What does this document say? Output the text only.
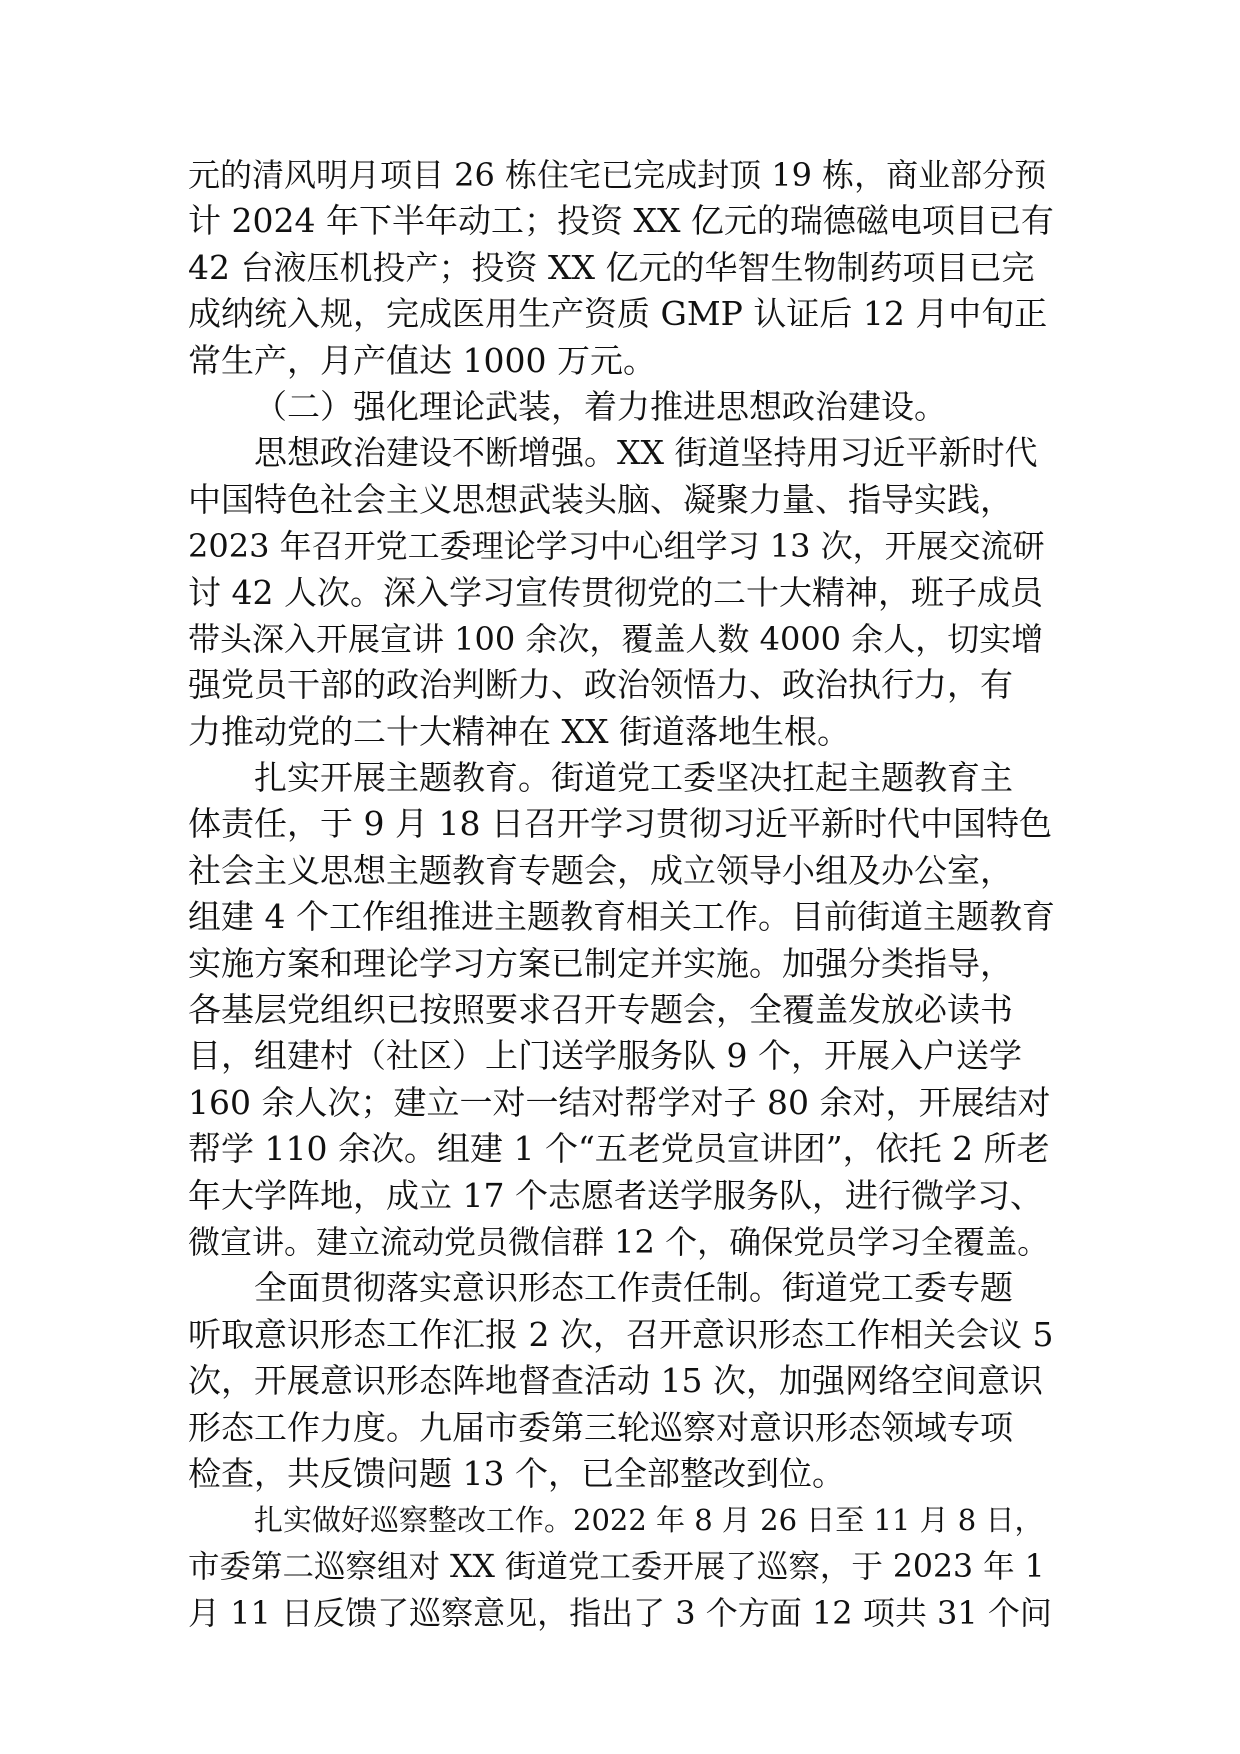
元的清风明月项目 26 栋住宅已完成封顶 19 栋，商业部分预
计 2024 年下半年动工；投资 XX 亿元的瑞德磁电项目已有
42 台液压机投产；投资 XX 亿元的华智生物制药项目已完
成纳统入规，完成医用生产资质 GMP 认证后 12 月中旬正
常生产，月产值达 1000 万元。
（二）强化理论武装，着力推进思想政治建设。
思想政治建设不断增强。XX 街道坚持用习近平新时代
中国特色社会主义思想武装头脑、凝聚力量、指导实践，
2023 年召开党工委理论学习中心组学习 13 次，开展交流研
讨 42 人次。深入学习宣传贯彻党的二十大精神，班子成员
带头深入开展宣讲 100 余次，覆盖人数 4000 余人，切实增
强党员干部的政治判断力、政治领悟力、政治执行力，有
力推动党的二十大精神在 XX 街道落地生根。
扎实开展主题教育。街道党工委坚决扛起主题教育主
体责任，于 9 月 18 日召开学习贯彻习近平新时代中国特色
社会主义思想主题教育专题会，成立领导小组及办公室，
组建 4 个工作组推进主题教育相关工作。目前街道主题教育
实施方案和理论学习方案已制定并实施。加强分类指导，
各基层党组织已按照要求召开专题会，全覆盖发放必读书
目，组建村（社区）上门送学服务队 9 个，开展入户送学
160 余人次；建立一对一结对帮学对子 80 余对，开展结对
帮学 110 余次。组建 1 个“五老党员宣讲团”，依托 2 所老
年大学阵地，成立 17 个志愿者送学服务队，进行微学习、
微宣讲。建立流动党员微信群 12 个，确保党员学习全覆盖。
全面贯彻落实意识形态工作责任制。街道党工委专题
听取意识形态工作汇报 2 次，召开意识形态工作相关会议 5
次，开展意识形态阵地督查活动 15 次，加强网络空间意识
形态工作力度。九届市委第三轮巡察对意识形态领域专项
检查，共反馈问题 13 个，已全部整改到位。
扎实做好巡察整改工作。2022 年 8 月 26 日至 11 月 8 日，
市委第二巡察组对 XX 街道党工委开展了巡察，于 2023 年 1
月 11 日反馈了巡察意见，指出了 3 个方面 12 项共 31 个问
